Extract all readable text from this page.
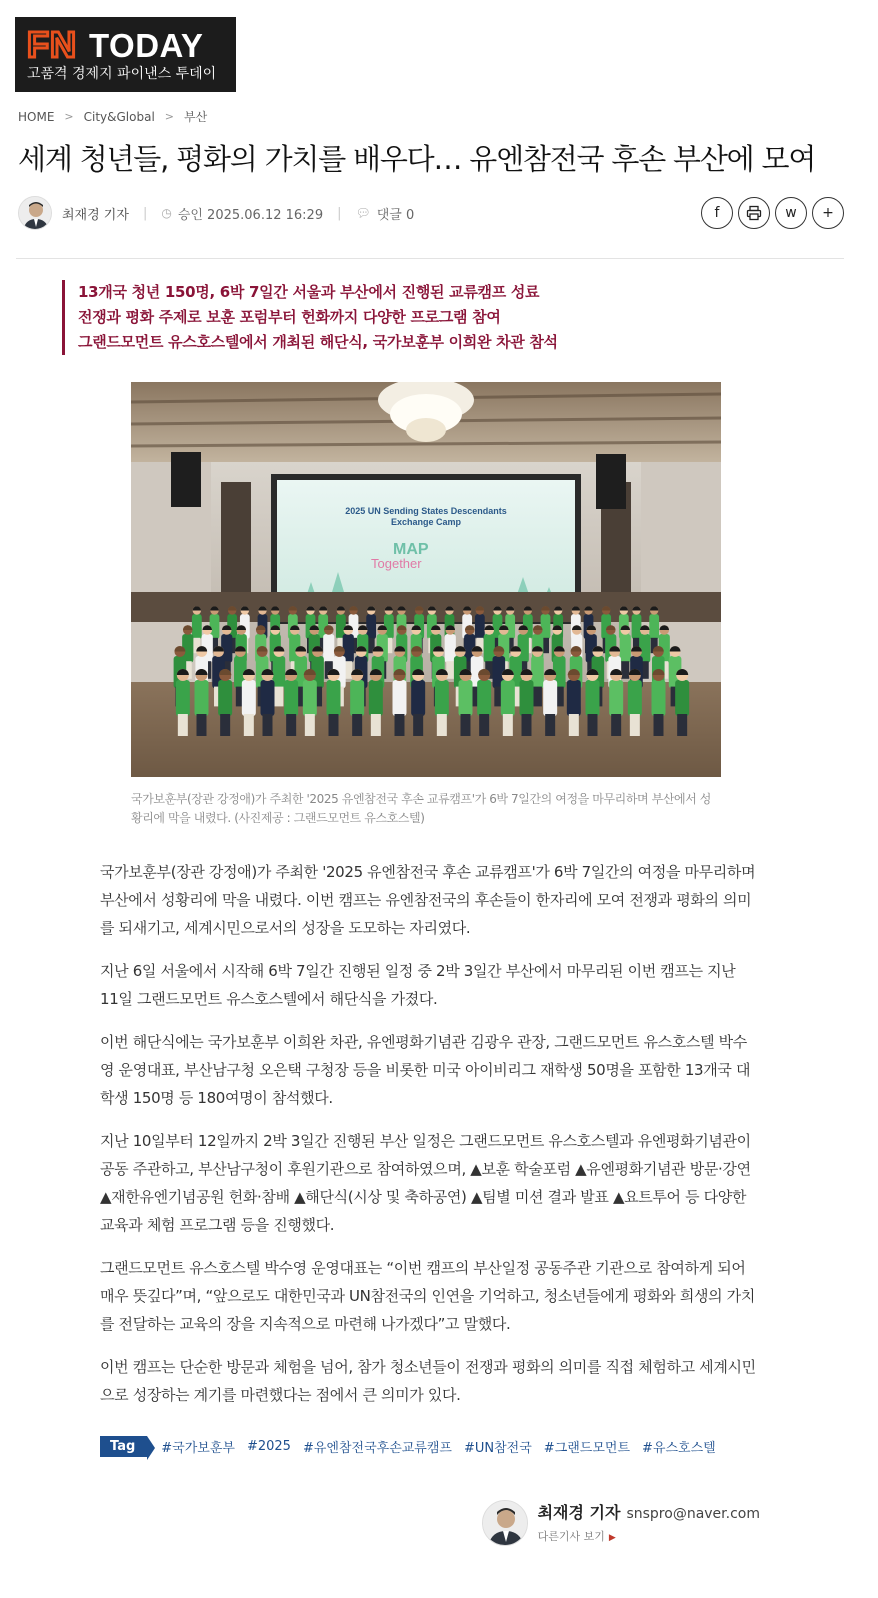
FN TODAY
고품격 경제지 파이낸스 투데이
HOME > City&Global > 부산
세계 청년들, 평화의 가치를 배우다… 유엔참전국 후손 부산에 모여
최재경 기자 | ◷ 승인 2025.06.12 16:29 | 💬︎ 댓글 0	f	w	+
13개국 청년 150명, 6박 7일간 서울과 부산에서 진행된 교류캠프 성료
전쟁과 평화 주제로 보훈 포럼부터 헌화까지 다양한 프로그램 참여
그랜드모먼트 유스호스텔에서 개최된 해단식, 국가보훈부 이희완 차관 참석
2025 UN Sending States Descendants
Exchange Camp
MAP
Together
국가보훈부(장관 강정애)가 주최한 '2025 유엔참전국 후손 교류캠프'가 6박 7일간의 여정을 마무리하며 부산에서 성황리에 막을 내렸다. (사진제공 : 그랜드모먼트 유스호스텔)

국가보훈부(장관 강정애)가 주최한 '2025 유엔참전국 후손 교류캠프'가 6박 7일간의 여정을 마무리하며 부산에서 성황리에 막을 내렸다. 이번 캠프는 유엔참전국의 후손들이 한자리에 모여 전쟁과 평화의 의미를 되새기고, 세계시민으로서의 성장을 도모하는 자리였다.

지난 6일 서울에서 시작해 6박 7일간 진행된 일정 중 2박 3일간 부산에서 마무리된 이번 캠프는 지난 11일 그랜드모먼트 유스호스텔에서 해단식을 가졌다.

이번 해단식에는 국가보훈부 이희완 차관, 유엔평화기념관 김광우 관장, 그랜드모먼트 유스호스텔 박수영 운영대표, 부산남구청 오은택 구청장 등을 비롯한 미국 아이비리그 재학생 50명을 포함한 13개국 대학생 150명 등 180여명이 참석했다.

지난 10일부터 12일까지 2박 3일간 진행된 부산 일정은 그랜드모먼트 유스호스텔과 유엔평화기념관이 공동 주관하고, 부산남구청이 후원기관으로 참여하였으며, ▲보훈 학술포럼 ▲유엔평화기념관 방문·강연 ▲재한유엔기념공원 헌화·참배 ▲해단식(시상 및 축하공연) ▲팀별 미션 결과 발표 ▲요트투어 등 다양한 교육과 체험 프로그램 등을 진행했다.

그랜드모먼트 유스호스텔 박수영 운영대표는 “이번 캠프의 부산일정 공동주관 기관으로 참여하게 되어 매우 뜻깊다”며, “앞으로도 대한민국과 UN참전국의 인연을 기억하고, 청소년들에게 평화와 희생의 가치를 전달하는 교육의 장을 지속적으로 마련해 나가겠다”고 말했다.

이번 캠프는 단순한 방문과 체험을 넘어, 참가 청소년들이 전쟁과 평화의 의미를 직접 체험하고 세계시민으로 성장하는 계기를 마련했다는 점에서 큰 의미가 있다.

Tag	#국가보훈부 #2025 #유엔참전국후손교류캠프 #UN참전국 #그랜드모먼트 #유스호스텔
최재경 기자 snspro@naver.com
다른기사 보기 ▶
